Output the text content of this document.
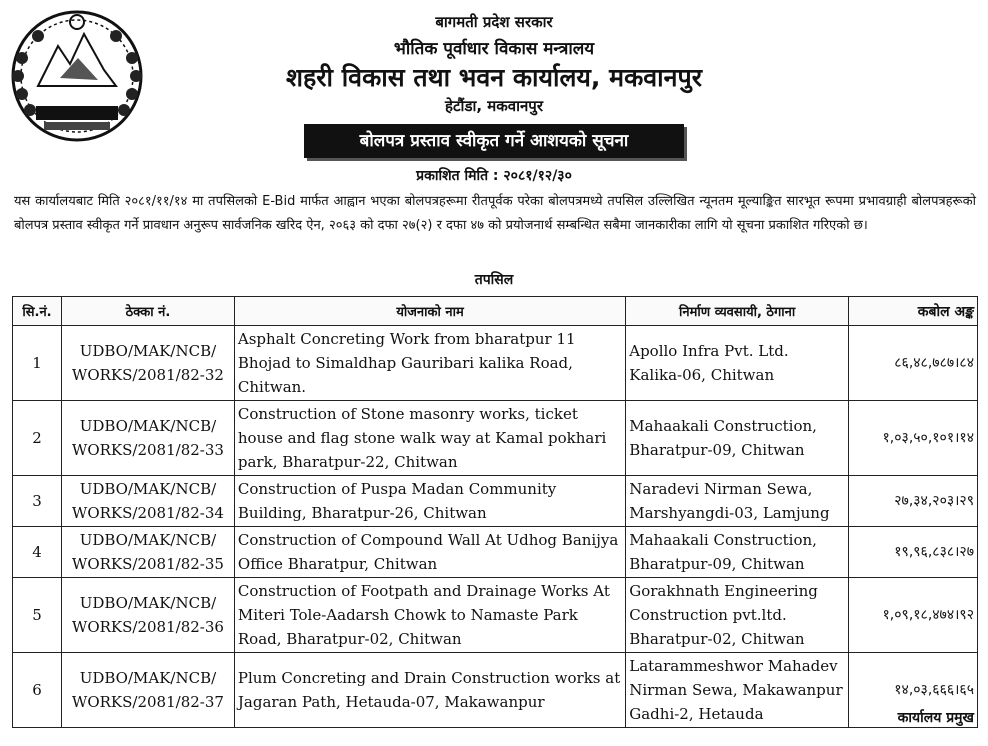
बागमती प्रदेश सरकार
भौतिक पूर्वाधार विकास मन्त्रालय
शहरी विकास तथा भवन कार्यालय, मकवानपुर
हेटौंडा, मकवानपुर
बोलपत्र प्रस्ताव स्वीकृत गर्ने आशयको सूचना
प्रकाशित मिति : २०८१/१२/३०
यस कार्यालयबाट मिति २०८१/११/१४ मा तपसिलको E-Bid मार्फत आह्वान भएका बोलपत्रहरूमा रीतपूर्वक परेका बोलपत्रमध्ये तपसिल उल्लिखित न्यूनतम मूल्याङ्कित सारभूत रूपमा प्रभावग्राही बोलपत्रहरूको बोलपत्र प्रस्ताव स्वीकृत गर्ने प्रावधान अनुरूप सार्वजनिक खरिद ऐन, २०६३ को दफा २७(२) र दफा ४७ को प्रयोजनार्थ सम्बन्धित सबैमा जानकारीका लागि यो सूचना प्रकाशित गरिएको छ।
तपसिल
सि.नं.	ठेक्का नं.	योजनाको नाम	निर्माण व्यवसायी, ठेगाना	कबोल अङ्क
1	UDBO/MAK/NCB/
WORKS/2081/82-32	Asphalt Concreting Work from bharatpur 11 Bhojad to Simaldhap Gauribari kalika Road, Chitwan.	Apollo Infra Pvt. Ltd. Kalika-06, Chitwan	८६,४८,७८७।८४
2	UDBO/MAK/NCB/
WORKS/2081/82-33	Construction of Stone masonry works, ticket house and flag stone walk way at Kamal pokhari park, Bharatpur-22, Chitwan	Mahaakali Construction, Bharatpur-09, Chitwan	१,०३,५०,१०१।१४
3	UDBO/MAK/NCB/
WORKS/2081/82-34	Construction of Puspa Madan Community Building, Bharatpur-26, Chitwan	Naradevi Nirman Sewa, Marshyangdi-03, Lamjung	२७,३४,२०३।२९
4	UDBO/MAK/NCB/
WORKS/2081/82-35	Construction of Compound Wall At Udhog Banijya Office Bharatpur, Chitwan	Mahaakali Construction, Bharatpur-09, Chitwan	१९,९६,८३८।२७
5	UDBO/MAK/NCB/
WORKS/2081/82-36	Construction of Footpath and Drainage Works At Miteri Tole-Aadarsh Chowk to Namaste Park Road, Bharatpur-02, Chitwan	Gorakhnath Engineering Construction pvt.ltd. Bharatpur-02, Chitwan	१,०९,१८,४७४।९२
6	UDBO/MAK/NCB/
WORKS/2081/82-37	Plum Concreting and Drain Construction works at Jagaran Path, Hetauda-07, Makawanpur	Latarammeshwor Mahadev Nirman Sewa, Makawanpur Gadhi-2, Hetauda	१४,०३,६६६।६५
कार्यालय प्रमुख
